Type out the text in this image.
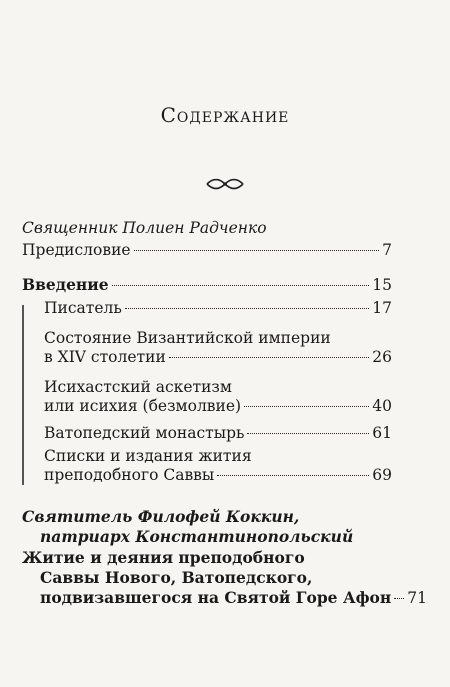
Содержание
Священник Полиен Радченко
Предисловие	7
Введение	15
Писатель	17
Состояние Византийской империи
в XIV столетии	26
Исихастский аскетизм
или исихия (безмолвие)	40
Ватопедский монастырь	61
Списки и издания жития
преподобного Саввы	69
Святитель Филофей Коккин,
патриарх Константинопольский
Житие и деяния преподобного
Саввы Нового, Ватопедского,
подвизавшегося на Святой Горе Афон 71
